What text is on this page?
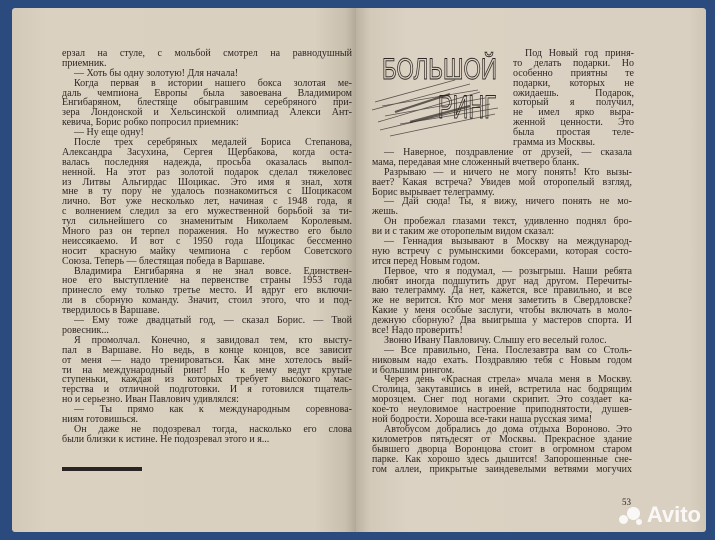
ерзал на стуле, с мольбой смотрел на равнодушный
приемник.
— Хоть бы одну золотую! Для начала!
Когда первая в истории нашего бокса золотая ме-
даль чемпиона Европы была завоевана Владимиром
Енгибаряном, блестяще обыгравшим серебряного при-
зера Лондонской и Хельсинской олимпиад Алекси Ант-
кевича, Борис робко попросил приемник:
— Ну еще одну!
После трех серебряных медалей Бориса Степанова,
Александра Засухина, Сергея Щербакова, когда оста-
валась последняя надежда, просьба оказалась выпол-
ненной. На этот раз золотой подарок сделал тяжеловес
из Литвы Альгирдас Шоцикас. Это имя я знал, хотя
мне в ту пору не удалось познакомиться с Шоцикасом
лично. Вот уже несколько лет, начиная с 1948 года, я
с волнением следил за его мужественной борьбой за ти-
тул сильнейшего со знаменитым Николаем Королевым.
Много раз он терпел поражения. Но мужество его было
неиссякаемо. И вот с 1950 года Шоцикас бессменно
носит красную майку чемпиона с гербом Советского
Союза. Теперь — блестящая победа в Варшаве.
Владимира Енгибаряна я не знал вовсе. Единствен-
ное его выступление на первенстве страны 1953 года
принесло ему только третье место. И вдруг его включи-
ли в сборную команду. Значит, стоил этого, что и под-
твердилось в Варшаве.
— Ему тоже двадцатый год, — сказал Борис. — Твой
ровесник...
Я промолчал. Конечно, я завидовал тем, кто высту-
пал в Варшаве. Но ведь, в конце концов, все зависит
от меня — надо тренироваться. Как мне хотелось вый-
ти на международный ринг! Но к нему ведут крутые
ступеньки, каждая из которых требует высокого мас-
терства и отличной подготовки. И я готовился тщатель-
но и серьезно. Иван Павлович удивлялся:
— Ты прямо как к международным соревнова-
ниям готовишься.
Он даже не подозревал тогда, насколько его слова
были близки к истине. Не подозревал этого и я...
БОЛЬШОЙ
РИНГ
Под Новый год приня-
то делать подарки. Но
особенно приятны те
подарки, которых не
ожидаешь. Подарок,
который я получил,
не имел ярко выра-
женной ценности. Это
была простая теле-
грамма из Москвы.
— Наверное, поздравление от друзей, — сказала
мама, передавая мне сложенный вчетверо бланк.
Разрываю — и ничего не могу понять! Кто вызы-
вает? Какая встреча? Увидев мой оторопелый взгляд,
Борис вырывает телеграмму.
— Дай сюда! Ты, я вижу, ничего понять не мо-
жешь.
Он пробежал глазами текст, удивленно поднял бро-
ви и с таким же оторопелым видом сказал:
— Геннадия вызывают в Москву на международ-
ную встречу с румынскими боксерами, которая состо-
ится перед Новым годом.
Первое, что я подумал, — розыгрыш. Наши ребята
любят иногда подшутить друг над другом. Перечиты-
ваю телеграмму. Да нет, кажется, все правильно, и все
же не верится. Кто мог меня заметить в Свердловске?
Какие у меня особые заслуги, чтобы включать в моло-
дежную сборную? Два выигрыша у мастеров спорта. И
все! Надо проверить!
Звоню Ивану Павловичу. Слышу его веселый голос.
— Все правильно, Гена. Послезавтра вам со Столь-
никовым надо ехать. Поздравляю тебя с Новым годом
и большим рингом.
Через день «Красная стрела» мчала меня в Москву.
Столица, закутавшись в иней, встретила нас бодрящим
морозцем. Снег под ногами скрипит. Это создает ка-
кое-то неуловимое настроение приподнятости, душев-
ной бодрости. Хороша все-таки наша русская зима!
Автобусом добрались до дома отдыха Вороново. Это
километров пятьдесят от Москвы. Прекрасное здание
бывшего дворца Воронцова стоит в огромном старом
парке. Как хорошо здесь дышится! Запорошенные сне-
гом аллеи, прикрытые заиндевелыми ветвями могучих
53 Avito
